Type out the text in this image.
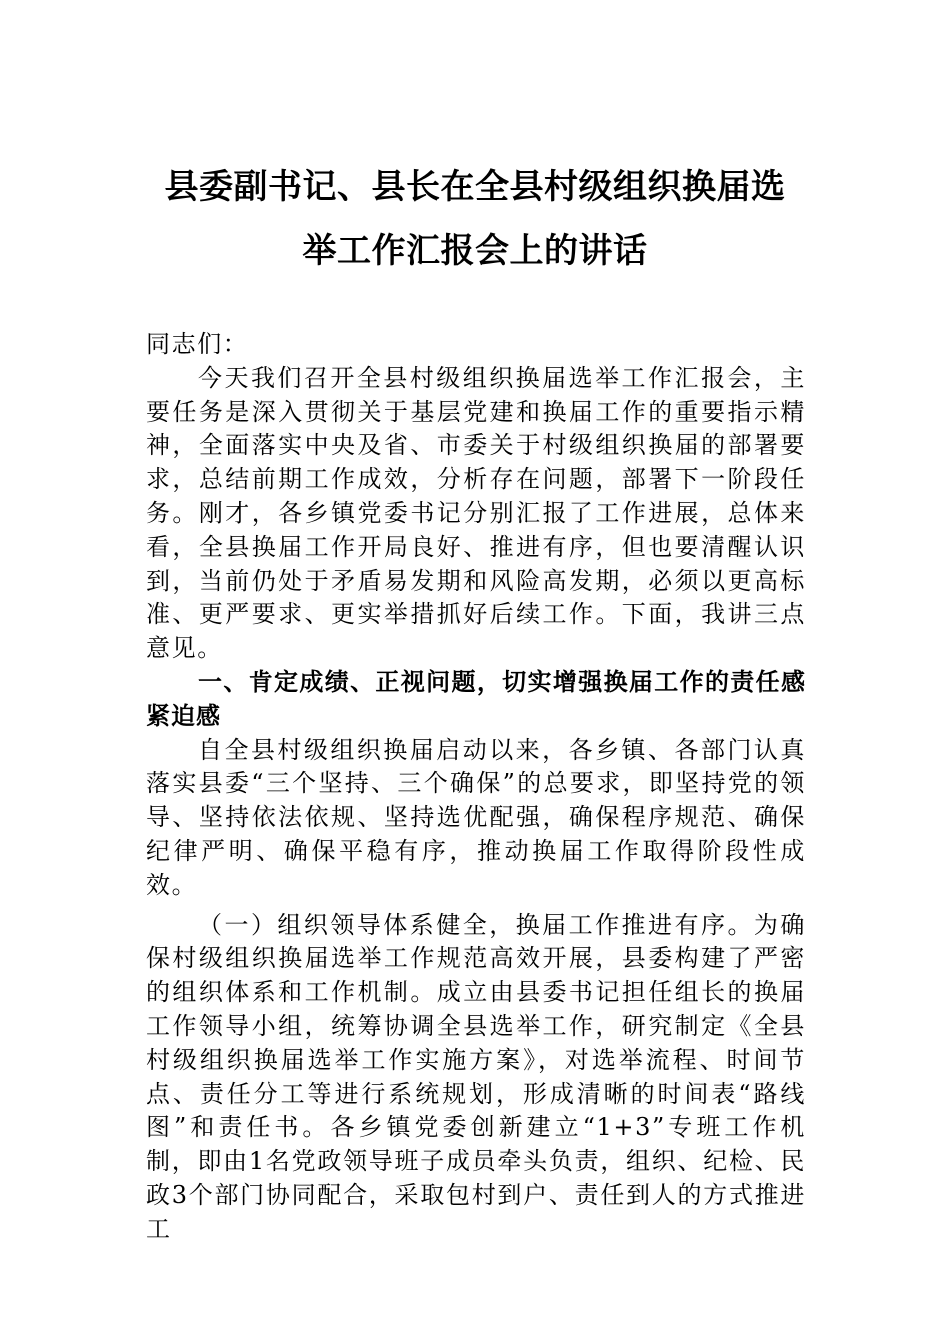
县委副书记、县长在全县村级组织换届选
举工作汇报会上的讲话

同志们：

今天我们召开全县村级组织换届选举工作汇报会，主要任务是深入贯彻关于基层党建和换届工作的重要指示精神，全面落实中央及省、市委关于村级组织换届的部署要求，总结前期工作成效，分析存在问题，部署下一阶段任务。刚才，各乡镇党委书记分别汇报了工作进展，总体来看，全县换届工作开局良好、推进有序，但也要清醒认识到，当前仍处于矛盾易发期和风险高发期，必须以更高标准、更严要求、更实举措抓好后续工作。下面，我讲三点意见。

一、肯定成绩、正视问题，切实增强换届工作的责任感紧迫感

自全县村级组织换届启动以来，各乡镇、各部门认真落实县委“三个坚持、三个确保”的总要求，即坚持党的领导、坚持依法依规、坚持选优配强，确保程序规范、确保纪律严明、确保平稳有序，推动换届工作取得阶段性成效。

（一）组织领导体系健全，换届工作推进有序。为确保村级组织换届选举工作规范高效开展，县委构建了严密的组织体系和工作机制。成立由县委书记担任组长的换届工作领导小组，统筹协调全县选举工作，研究制定《全县村级组织换届选举工作实施方案》，对选举流程、时间节点、责任分工等进行系统规划，形成清晰的时间表“路线图”和责任书。各乡镇党委创新建立“1+3”专班工作机制，即由1名党政领导班子成员牵头负责，组织、纪检、民政3个部门协同配合，采取包村到户、责任到人的方式推进工
